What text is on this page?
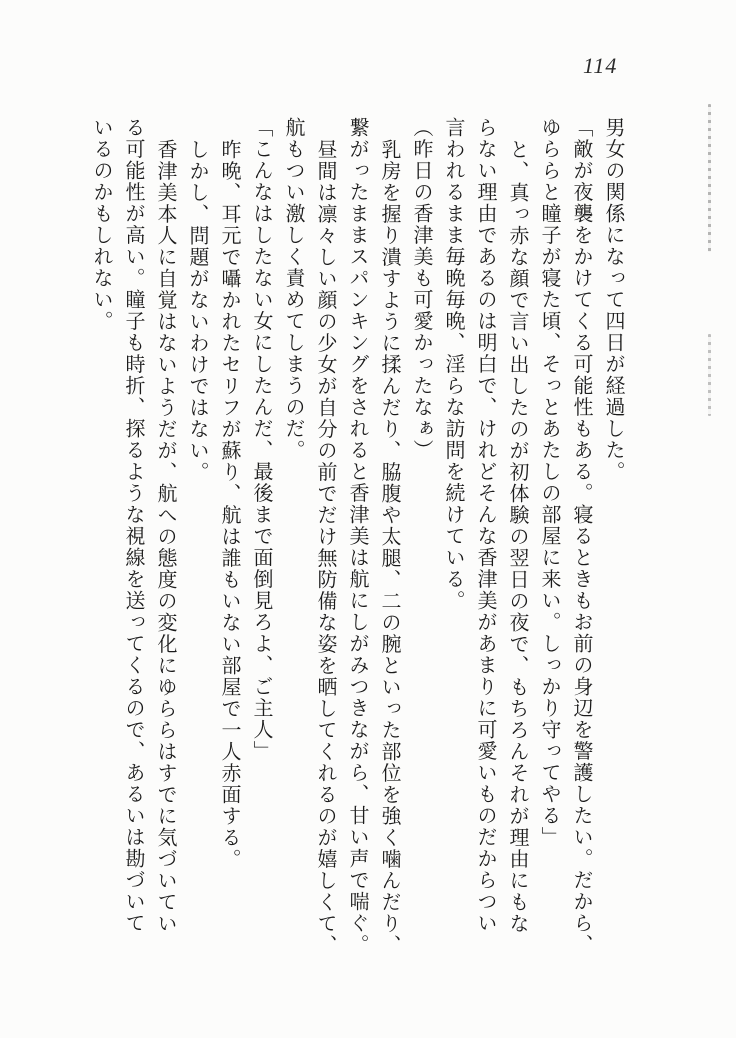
114

男女の関係になって四日が経過した。

「敵が夜襲をかけてくる可能性もある。寝るときもお前の身辺を警護したい。だから、

ゆららと瞳子が寝た頃、そっとあたしの部屋に来い。しっかり守ってやる」

と、真っ赤な顔で言い出したのが初体験の翌日の夜で、もちろんそれが理由にもな

らない理由であるのは明白で、けれどそんな香津美があまりに可愛いものだからつい

言われるまま毎晩毎晩、淫らな訪問を続けている。

（昨日の香津美も可愛かったなぁ）

乳房を握り潰すように揉んだり、脇腹や太腿、二の腕といった部位を強く噛んだり、

繋がったままスパンキングをされると香津美は航にしがみつきながら、甘い声で喘ぐ。

昼間は凛々しい顔の少女が自分の前でだけ無防備な姿を晒してくれるのが嬉しくて、

航もつい激しく責めてしまうのだ。

「こんなはしたない女にしたんだ、最後まで面倒見ろよ、ご主人」

昨晩、耳元で囁かれたセリフが蘇り、航は誰もいない部屋で一人赤面する。

しかし、問題がないわけではない。

香津美本人に自覚はないようだが、航への態度の変化にゆららはすでに気づいてい

る可能性が高い。瞳子も時折、探るような視線を送ってくるので、あるいは勘づいて

いるのかもしれない。
